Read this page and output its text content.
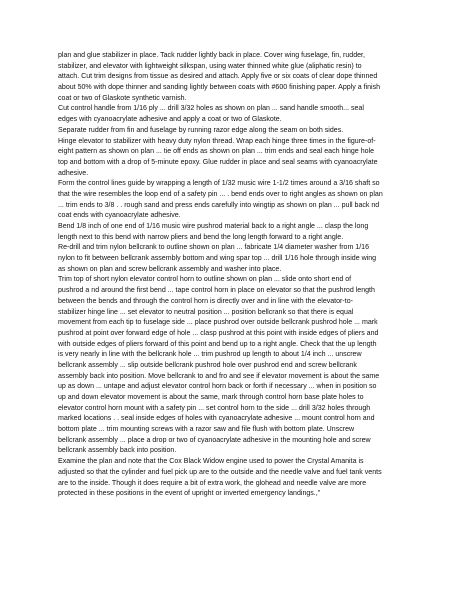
plan and glue stabilizer in place. Tack rudder lightly back in place. Cover wing fuselage, fin, rudder,
stabilizer, and elevator with lightweight silkspan, using water thinned white glue (aliphatic resin) to
attach. Cut trim designs from tissue as desired and attach. Apply five or six coats of clear dope thinned
about 50% with dope thinner and sanding lightly between coats with #600 finishing paper. Apply a finish
coat or two of Glaskote synthetic varnish.
Cut control handle from 1/16 ply ... drill 3/32 holes as shown on plan ... sand handle smooth... seal
edges with cyanoacrylate adhesive and apply a coat or two of Glaskote.
Separate rudder from fin and fuselage by running razor edge along the seam on both sides.
Hinge elevator to stabilizer with heavy duty nylon thread. Wrap each hinge three times in the figure-of-
eight pattern as shown on plan ... tie off ends as shown on plan ... trim ends and seal each hinge hole
top and bottom with a drop of 5-minute epoxy. Glue rudder in place and seal seams with cyanoacrylate
adhesive.
Form the control lines guide by wrapping a length of 1/32 music wire 1-1/2 times around a 3/16 shaft so
that the wire resembles the loop end of a safety pin ... . bend ends over to right angles as shown on plan
... trim ends to 3/8 . . rough sand and press ends carefully into wingtip as shown on plan ... pull back nd
coat ends with cyanoacrylate adhesive.
Bend 1/8 inch of one end of 1/16 music wire pushrod material back to a right angle ... clasp the long
length next to this bend with narrow pliers and bend the long length forward to a right angle.
Re-drill and trim nylon bellcrank to outline shown on plan ... fabricate 1/4 diameter washer from 1/16
nylon to fit between bellcrank assembly bottom and wing spar top ... drill 1/16 hole through inside wing
as shown on plan and screw bellcrank assembly and washer into place.
Trim top of short nylon elevator control horn to outline shown on plan ... slide onto short end of
pushrod a nd around the first bend ... tape control horn in place on elevator so that the pushrod length
between the bends and through the control horn is directly over and in line with the elevator-to-
stabilizer hinge line ... set elevator to neutral position ... position bellcrank so that there is equal
movement from each tip to fuselage side ... place pushrod over outside bellcrank pushrod hole ... mark
pushrod at point over forward edge of hole ... clasp pushrod at this point with inside edges of pliers and
with outside edges of pliers forward of this point and bend up to a right angle. Check that the up length
is very nearly in line with the bellcrank hole ... trim pushrod up length to about 1/4 inch ... unscrew
bellcrank assembly ... slip outside bellcrank pushrod hole over pushrod end and screw bellcrank
assembly back into position. Move bellcrank to and fro and see if elevator movement is about the same
up as down ... untape and adjust elevator control horn back or forth if necessary ... when in position so
up and down elevator movement is about the same, mark through control horn base plate holes to
elevator control horn mount with a safety pin ... set control horn to the side ... drill 3/32 holes through
marked locations . . seal inside edges of holes with cyanoacrylate adhesive ... mount control horn and
bottom plate ... trim mounting screws with a razor saw and file flush with bottom plate. Unscrew
bellcrank assembly ... place a drop or two of cyanoacrylate adhesive in the mounting hole and screw
bellcrank assembly back into position.
Examine the plan and note that the Cox Black Widow engine used to power the Crystal Amanita is
adjusted so that the cylinder and fuel pick up are to the outside and the needle valve and fuel tank vents
are to the inside. Though it does require a bit of extra work, the glohead and needle valve are more
protected in these positions in the event of upright or inverted emergency landings.,"
